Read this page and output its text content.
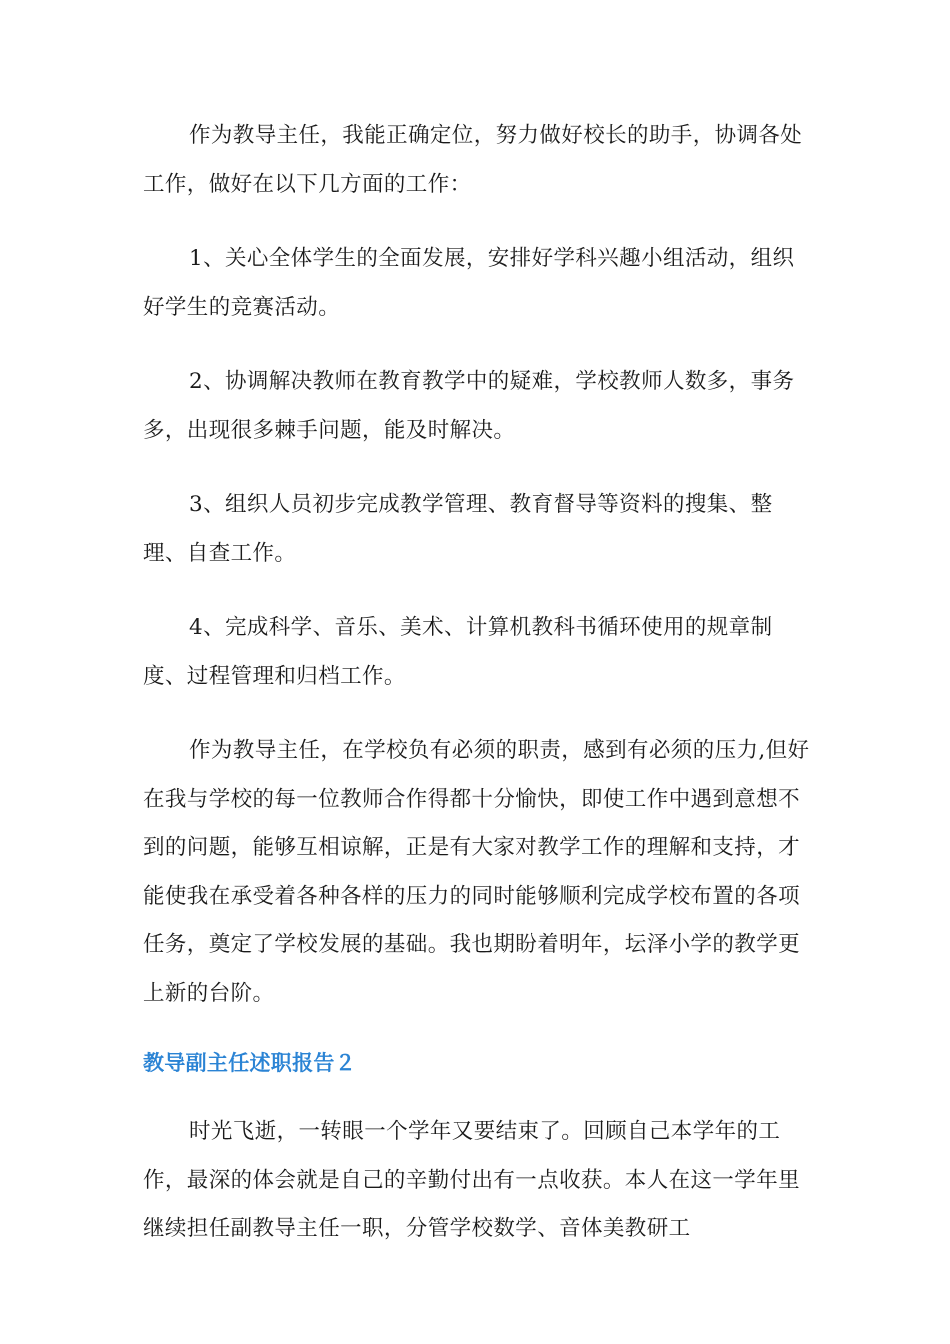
作为教导主任，我能正确定位，努力做好校长的助手，协调各处工作，做好在以下几方面的工作：

1、关心全体学生的全面发展，安排好学科兴趣小组活动，组织好学生的竞赛活动。

2、协调解决教师在教育教学中的疑难，学校教师人数多，事务多，出现很多棘手问题，能及时解决。

3、组织人员初步完成教学管理、教育督导等资料的搜集、整理、自查工作。

4、完成科学、音乐、美术、计算机教科书循环使用的规章制度、过程管理和归档工作。

作为教导主任，在学校负有必须的职责，感到有必须的压力,但好在我与学校的每一位教师合作得都十分愉快，即使工作中遇到意想不到的问题，能够互相谅解，正是有大家对教学工作的理解和支持，才能使我在承受着各种各样的压力的同时能够顺利完成学校布置的各项任务，奠定了学校发展的基础。我也期盼着明年，坛泽小学的教学更上新的台阶。

教导副主任述职报告２

时光飞逝，一转眼一个学年又要结束了。回顾自己本学年的工作，最深的体会就是自己的辛勤付出有一点收获。本人在这一学年里继续担任副教导主任一职，分管学校数学、音体美教研工
